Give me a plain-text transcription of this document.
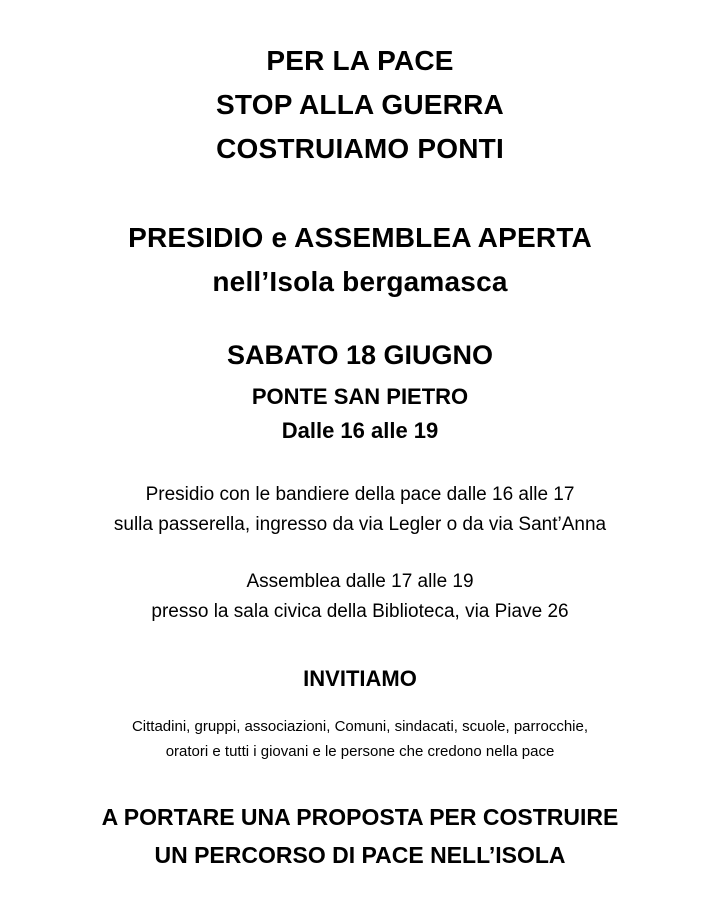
PER LA PACE

STOP ALLA GUERRA

COSTRUIAMO PONTI

PRESIDIO e ASSEMBLEA APERTA

nell’Isola bergamasca

SABATO 18 GIUGNO

PONTE SAN PIETRO

Dalle 16 alle 19

Presidio con le bandiere della pace dalle 16 alle 17

sulla passerella, ingresso da via Legler o da via Sant’Anna

Assemblea dalle 17 alle 19

presso la sala civica della Biblioteca, via Piave 26

INVITIAMO

Cittadini, gruppi, associazioni, Comuni, sindacati, scuole, parrocchie,

oratori e tutti i giovani e le persone che credono nella pace

A PORTARE UNA PROPOSTA PER COSTRUIRE

UN PERCORSO DI PACE NELL’ISOLA
